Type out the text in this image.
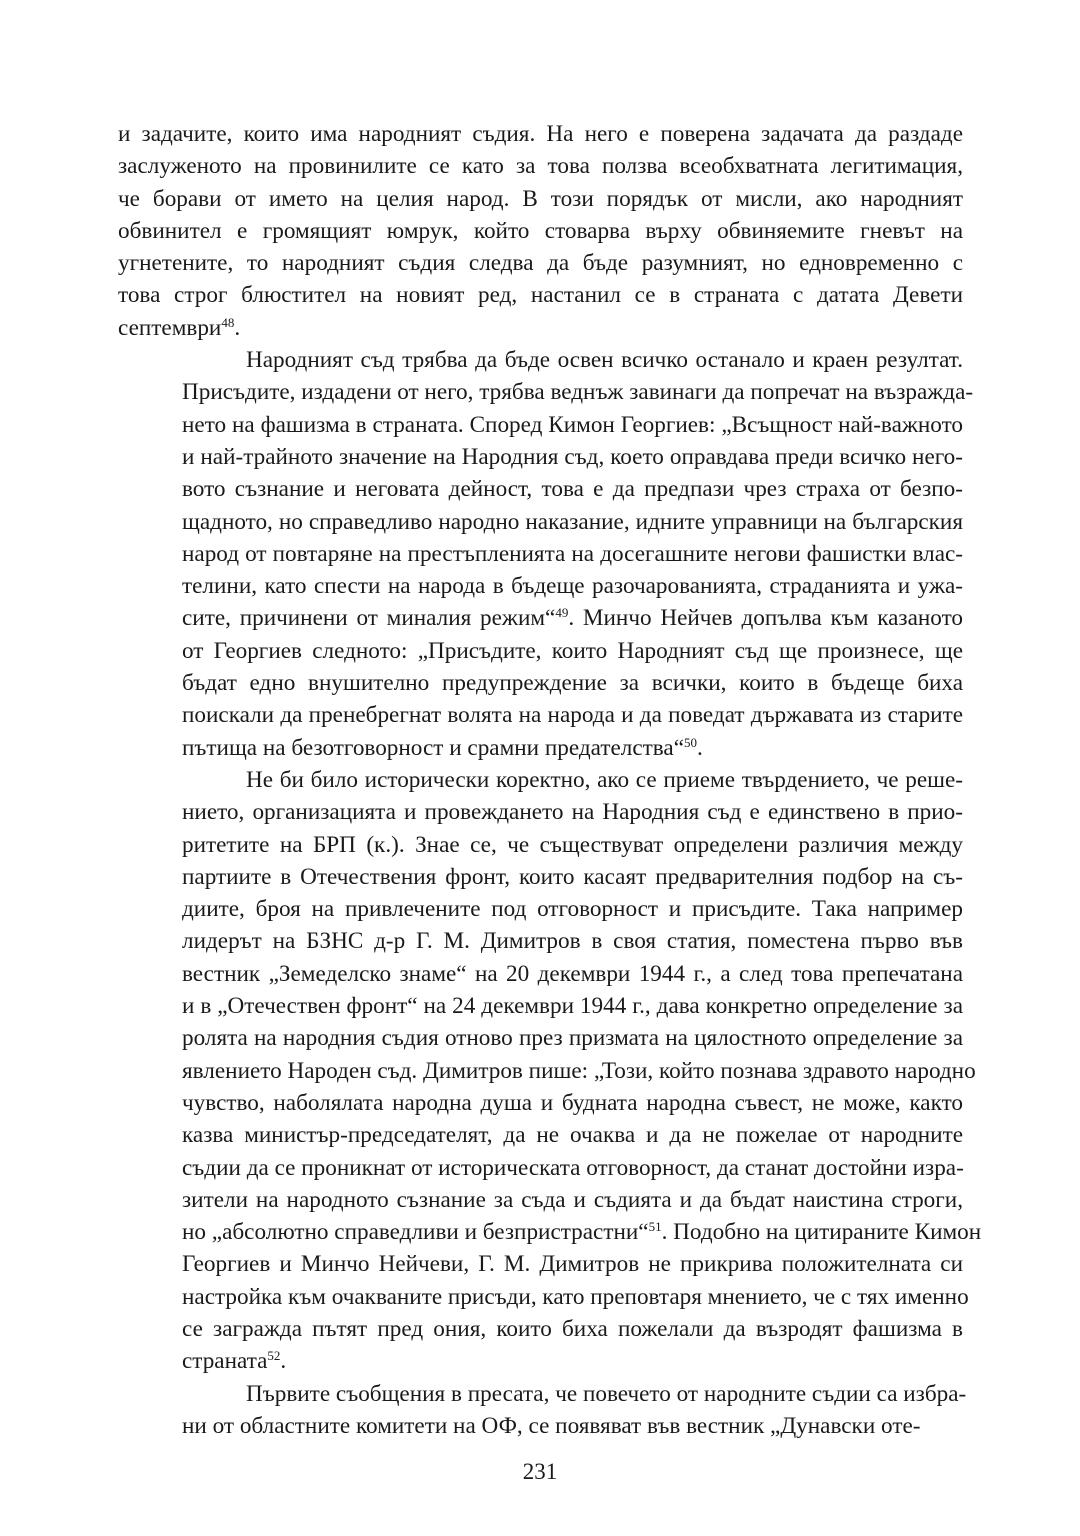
и задачите, които има народният съдия. На него е поверена задачата да раздаде
заслуженото на провинилите се като за това ползва всеобхватната легитимация,
че борави от името на целия народ. В този порядък от мисли, ако народният
обвинител е громящият юмрук, който стоварва върху обвиняемите гневът на
угнетените, то народният съдия следва да бъде разумният, но едновременно с
това строг блюстител на новият ред, настанил се в страната с датата Девети
септември$^{48}$.
Народният съд трябва да бъде освен всичко останало и краен резултат.
Присъдите, издадени от него, трябва веднъж завинаги да попречат на възражда-
нето на фашизма в страната. Според Кимон Георгиев: „Всъщност най-важното
и най-трайното значение на Народния съд, което оправдава преди всичко него-
вото съзнание и неговата дейност, това е да предпази чрез страха от безпо-
щадното, но справедливо народно наказание, идните управници на българския
народ от повтаряне на престъпленията на досегашните негови фашистки влас-
телини, като спести на народа в бъдеще разочарованията, страданията и ужа-
сите, причинени от миналия режим“$^{49}$. Минчо Нейчев допълва към казаното
от Георгиев следното: „Присъдите, които Народният съд ще произнесе, ще
бъдат едно внушително предупреждение за всички, които в бъдеще биха
поискали да пренебрегнат волята на народа и да поведат държавата из старите
пътища на безотговорност и срамни предателства“$^{50}$.
Не би било исторически коректно, ако се приеме твърдението, че реше-
нието, организацията и провеждането на Народния съд е единствено в прио-
ритетите на БРП (к.). Знае се, че съществуват определени различия между
партиите в Отечествения фронт, които касаят предварителния подбор на съ-
диите, броя на привлечените под отговорност и присъдите. Така например
лидерът на БЗНС д-р Г. М. Димитров в своя статия, поместена първо във
вестник „Земеделско знаме“ на 20 декември 1944 г., а след това препечатана
и в „Отечествен фронт“ на 24 декември 1944 г., дава конкретно определение за
ролята на народния съдия отново през призмата на цялостното определение за
явлението Народен съд. Димитров пише: „Този, който познава здравото народно
чувство, наболялата народна душа и будната народна съвест, не може, както
казва министър-председателят, да не очаква и да не пожелае от народните
съдии да се проникнат от историческата отговорност, да станат достойни изра-
зители на народното съзнание за съда и съдията и да бъдат наистина строги,
но „абсолютно справедливи и безпристрастни“$^{51}$. Подобно на цитираните Кимон
Георгиев и Минчо Нейчеви, Г. М. Димитров не прикрива положителната си
настройка към очакваните присъди, като преповтаря мнението, че с тях именно
се заграждa пътят пред ония, които биха пожелали да възродят фашизма в
страната$^{52}$.
Първите съобщения в пресата, че повечето от народните съдии са избра-
ни от областните комитети на ОФ, се появяват във вестник „Дунавски оте-
231
